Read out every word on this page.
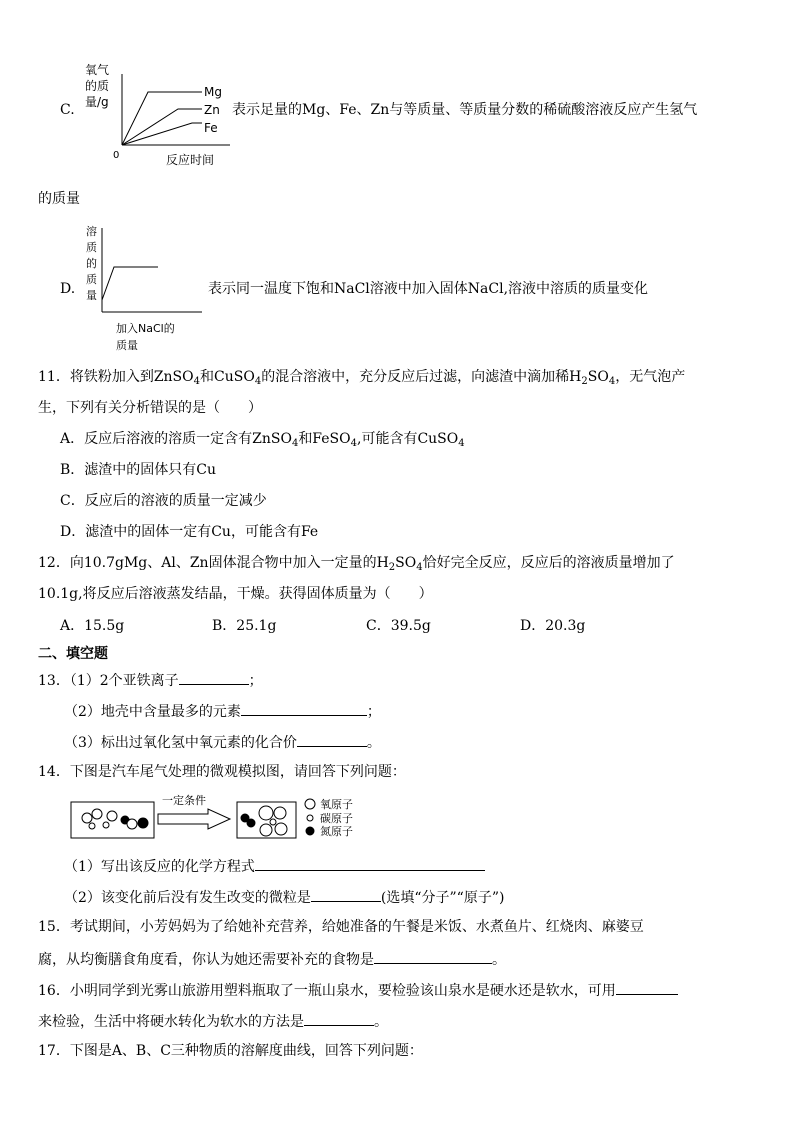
C.
氧气
的质
量/g
Mg
Zn
Fe
0	反应时间
表示足量的Mg、Fe、Zn与等质量、等质量分数的稀硫酸溶液反应产生氢气
的质量
D.
溶
质
的
质
量
加入NaCl的
质量
表示同一温度下饱和NaCl溶液中加入固体NaCl,溶液中溶质的质量变化
11．将铁粉加入到ZnSO$_4$和CuSO$_4$的混合溶液中，充分反应后过滤，向滤渣中滴加稀$H_2SO_4$，无气泡产
生，下列有关分析错误的是（　　）
A．反应后溶液的溶质一定含有ZnSO$_4$和FeSO$_4$,可能含有CuSO$_4$
B．滤渣中的固体只有Cu
C．反应后的溶液的质量一定减少
D．滤渣中的固体一定有Cu，可能含有Fe
12．向10.7gMg、Al、Zn固体混合物中加入一定量的$H_2SO_4$恰好完全反应，反应后的溶液质量增加了
10.1g,将反应后溶液蒸发结晶，干燥。获得固体质量为（　　）
A．15.5g	B．25.1g	C．39.5g	D．20.3g
二、填空题
13．（1）2个亚铁离子	；
（2）地壳中含量最多的元素	；
（3）标出过氧化氢中氧元素的化合价	。
14．下图是汽车尾气处理的微观模拟图，请回答下列问题：
一定条件	氧原子
碳原子
氮原子
（1）写出该反应的化学方程式
（2）该变化前后没有发生改变的微粒是	(选填“分子”“原子”)
15．考试期间，小芳妈妈为了给她补充营养，给她准备的午餐是米饭、水煮鱼片、红烧肉、麻婆豆
腐，从均衡膳食角度看，你认为她还需要补充的食物是	。
16．小明同学到光雾山旅游用塑料瓶取了一瓶山泉水，要检验该山泉水是硬水还是软水，可用
来检验，生活中将硬水转化为软水的方法是	。
17．下图是A、B、C三种物质的溶解度曲线，回答下列问题：
